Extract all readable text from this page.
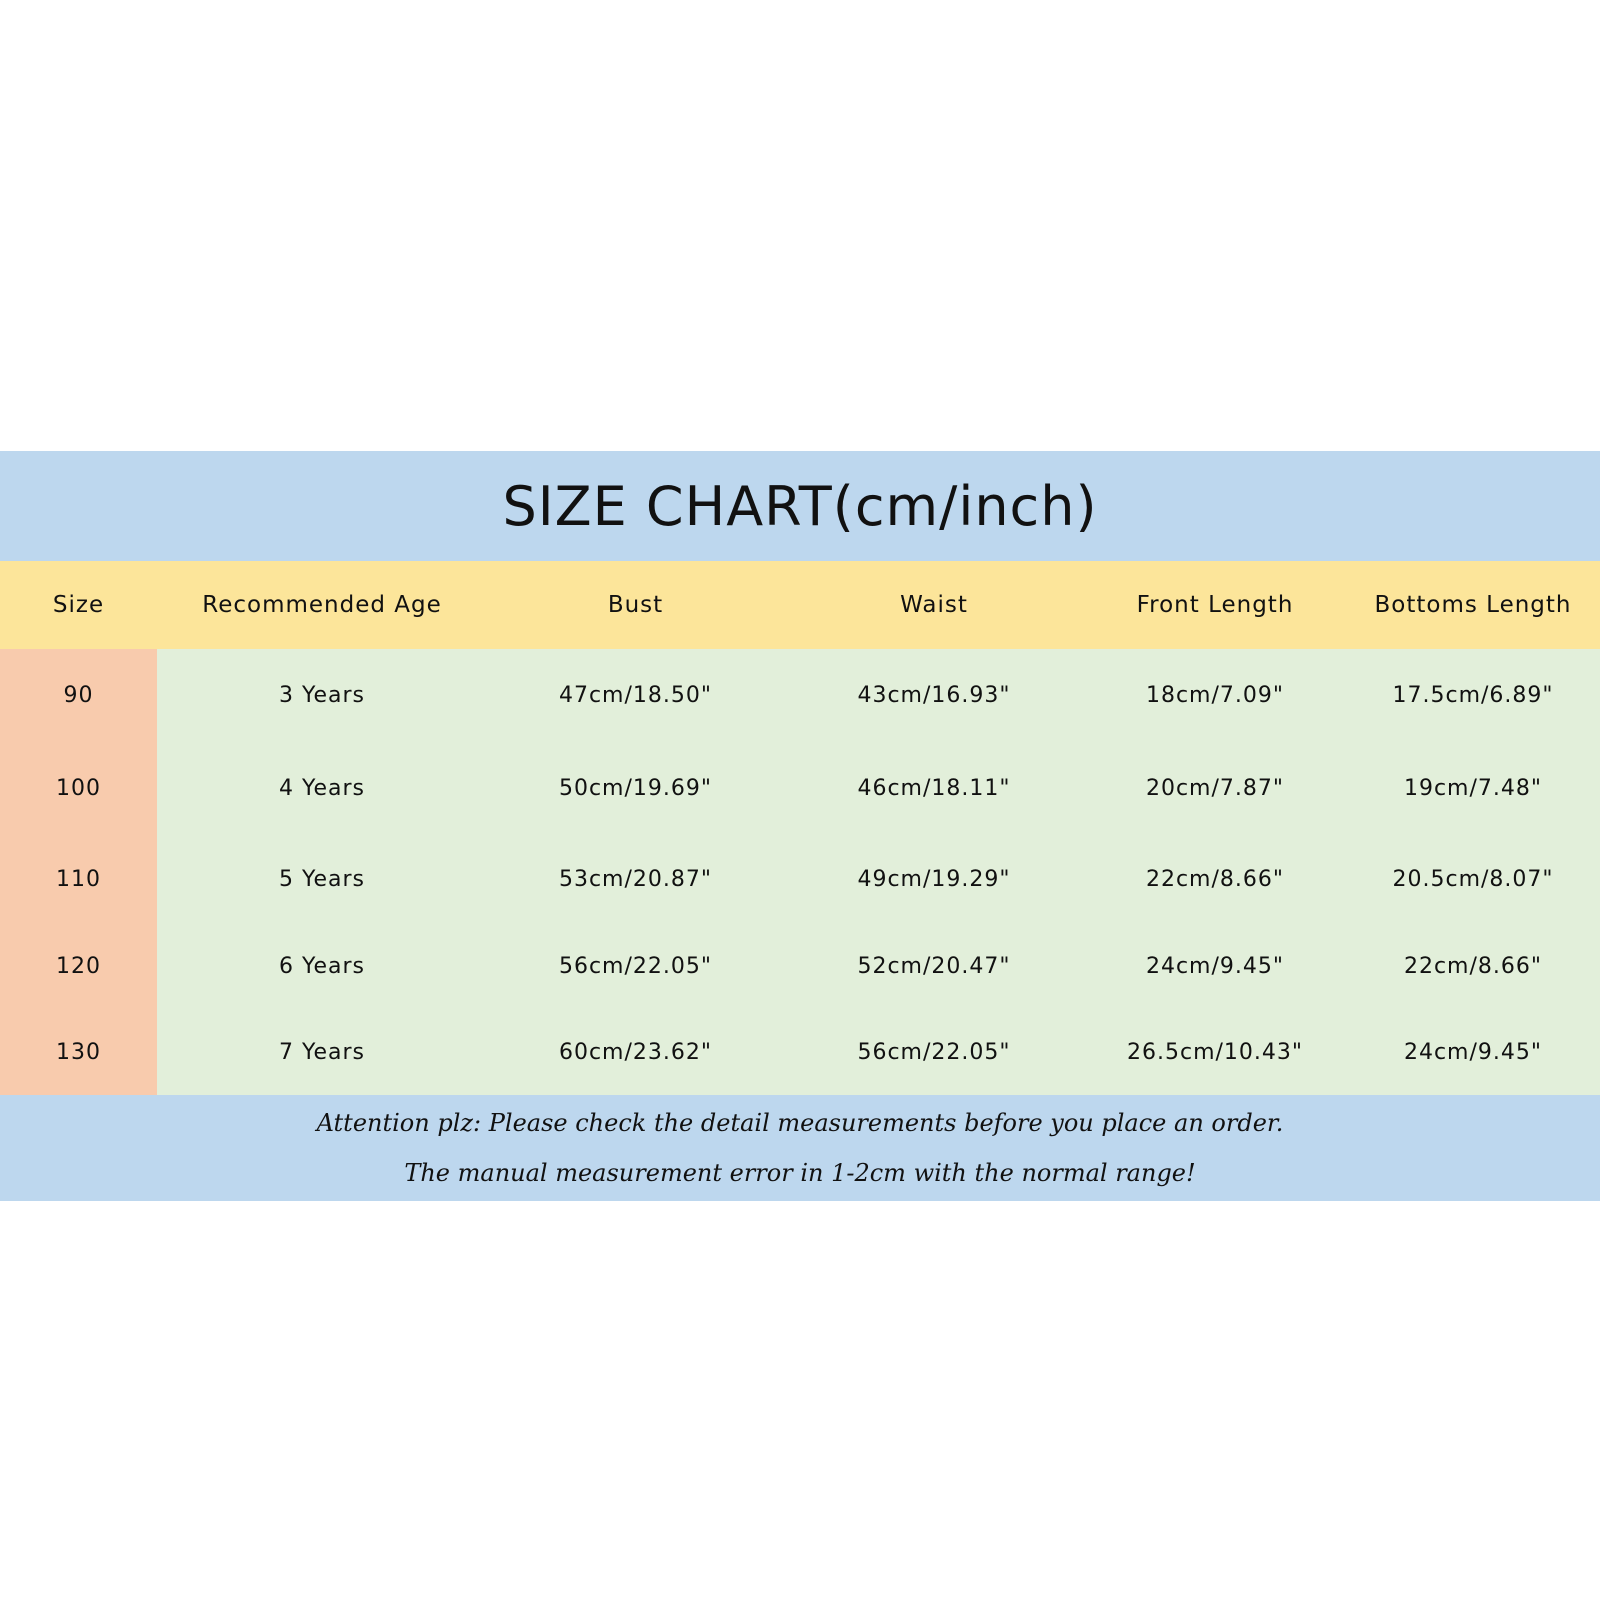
SIZE CHART(cm/inch)
Size	Recommended Age	Bust	Waist	Front Length	Bottoms Length
90	3 Years	47cm/18.50"	43cm/16.93"	18cm/7.09"	17.5cm/6.89"
100	4 Years	50cm/19.69"	46cm/18.11"	20cm/7.87"	19cm/7.48"
110	5 Years	53cm/20.87"	49cm/19.29"	22cm/8.66"	20.5cm/8.07"
120	6 Years	56cm/22.05"	52cm/20.47"	24cm/9.45"	22cm/8.66"
130	7 Years	60cm/23.62"	56cm/22.05"	26.5cm/10.43"	24cm/9.45"
Attention plz: Please check the detail measurements before you place an order.
The manual measurement error in 1-2cm with the normal range!
